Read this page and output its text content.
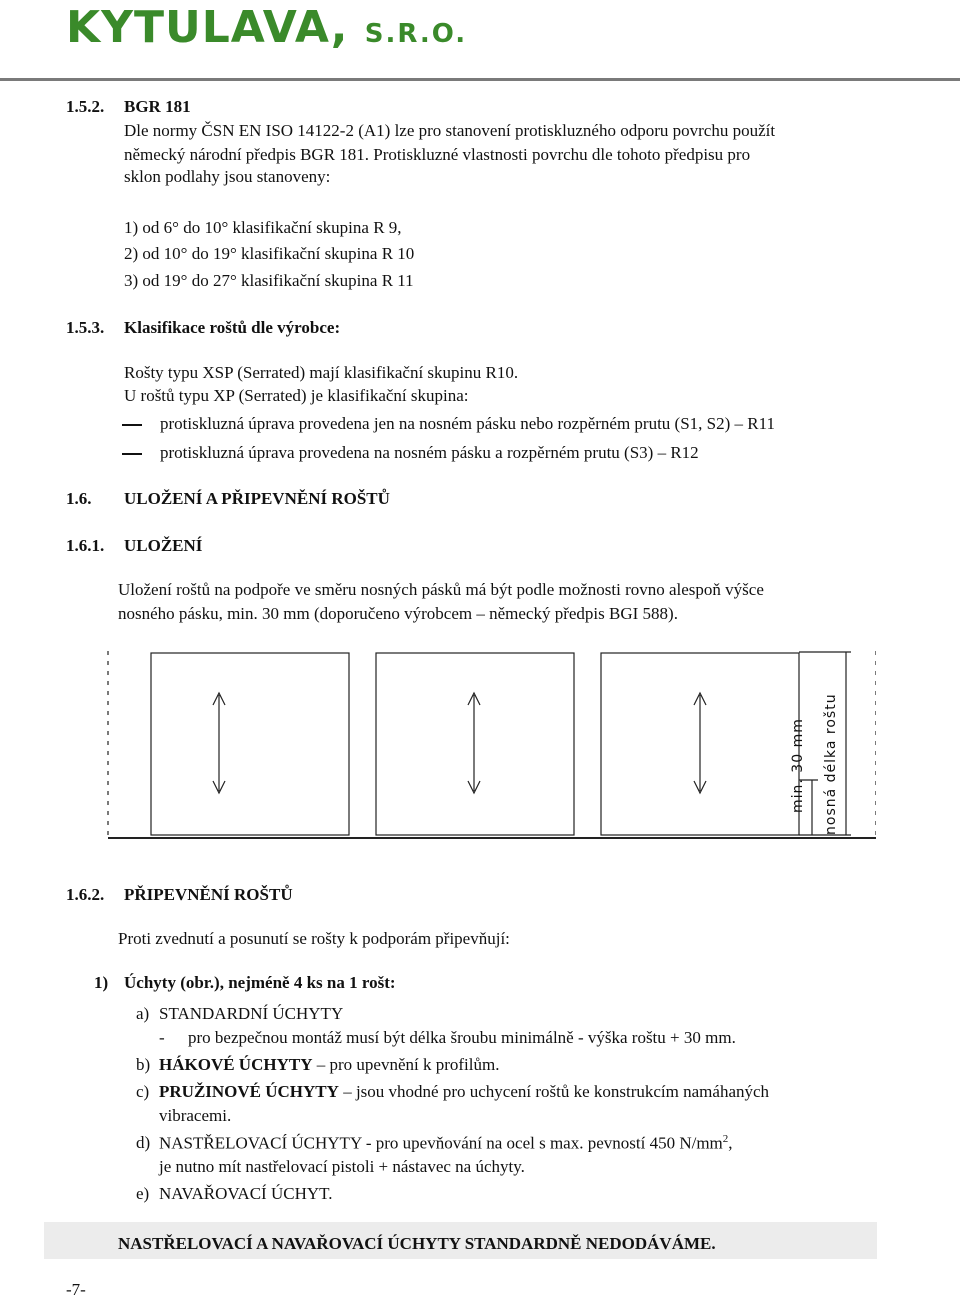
KYTULAVA, S.R.O.
1.5.2. BGR 181
Dle normy ČSN EN ISO 14122-2 (A1) lze pro stanovení protiskluzného odporu povrchu použít
německý národní předpis BGR 181. Protiskluzné vlastnosti povrchu dle tohoto předpisu pro
sklon podlahy jsou stanoveny:
1) od 6° do 10° klasifikační skupina R 9,
2) od 10° do 19° klasifikační skupina R 10
3) od 19° do 27° klasifikační skupina R 11
1.5.3. Klasifikace roštů dle výrobce:
Rošty typu XSP (Serrated) mají klasifikační skupinu R10.
U roštů typu XP (Serrated) je klasifikační skupina:
protiskluzná úprava provedena jen na nosném pásku nebo rozpěrném prutu (S1, S2) – R11
protiskluzná úprava provedena na nosném pásku a rozpěrném prutu (S3) – R12
1.6. ULOŽENÍ A PŘIPEVNĚNÍ ROŠTŮ
1.6.1. ULOŽENÍ
Uložení roštů na podpoře ve směru nosných pásků má být podle možnosti rovno alespoň výšce
nosného pásku, min. 30 mm (doporučeno výrobcem – německý předpis BGI 588).
min. 30 mm nosná délka roštu
1.6.2. PŘIPEVNĚNÍ ROŠTŮ
Proti zvednutí a posunutí se rošty k podporám připevňují:
1) Úchyty (obr.), nejméně 4 ks na 1 rošt:
a) STANDARDNÍ ÚCHYTY
- pro bezpečnou montáž musí být délka šroubu minimálně - výška roštu + 30 mm.
b) HÁKOVÉ ÚCHYTY – pro upevnění k profilům.
c) PRUŽINOVÉ ÚCHYTY – jsou vhodné pro uchycení roštů ke konstrukcím namáhaných
vibracemi.
d) NASTŘELOVACÍ ÚCHYTY - pro upevňování na ocel s max. pevností 450 $N/mm^2$,
je nutno mít nastřelovací pistoli + nástavec na úchyty.
e) NAVAŘOVACÍ ÚCHYT.
NASTŘELOVACÍ A NAVAŘOVACÍ ÚCHYTY STANDARDNĚ NEDODÁVÁME.
-7-
